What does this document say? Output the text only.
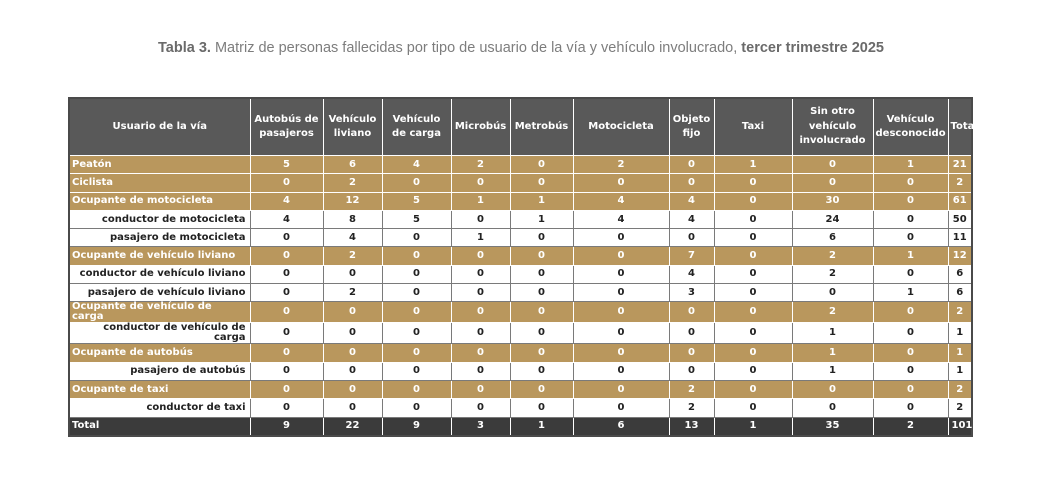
Tabla 3. Matriz de personas fallecidas por tipo de usuario de la vía y vehículo involucrado, tercer trimestre 2025
Usuario de la vía	Autobús de pasajeros	Vehículo liviano	Vehículo de carga	Microbús	Metrobús	Motocicleta	Objeto fijo	Taxi	Sin otro vehículo involucrado	Vehículo desconocido	Total
Peatón	5	6	4	2	0	2	0	1	0	1	21
Ciclista	0	2	0	0	0	0	0	0	0	0	2
Ocupante de motocicleta	4	12	5	1	1	4	4	0	30	0	61
conductor de motocicleta	4	8	5	0	1	4	4	0	24	0	50
pasajero de motocicleta	0	4	0	1	0	0	0	0	6	0	11
Ocupante de vehículo liviano	0	2	0	0	0	0	7	0	2	1	12
conductor de vehículo liviano	0	0	0	0	0	0	4	0	2	0	6
pasajero de vehículo liviano	0	2	0	0	0	0	3	0	0	1	6
Ocupante de vehículo de carga	0	0	0	0	0	0	0	0	2	0	2
conductor de vehículo de carga	0	0	0	0	0	0	0	0	1	0	1
Ocupante de autobús	0	0	0	0	0	0	0	0	1	0	1
pasajero de autobús	0	0	0	0	0	0	0	0	1	0	1
Ocupante de taxi	0	0	0	0	0	0	2	0	0	0	2
conductor de taxi	0	0	0	0	0	0	2	0	0	0	2
Total	9	22	9	3	1	6	13	1	35	2	101
